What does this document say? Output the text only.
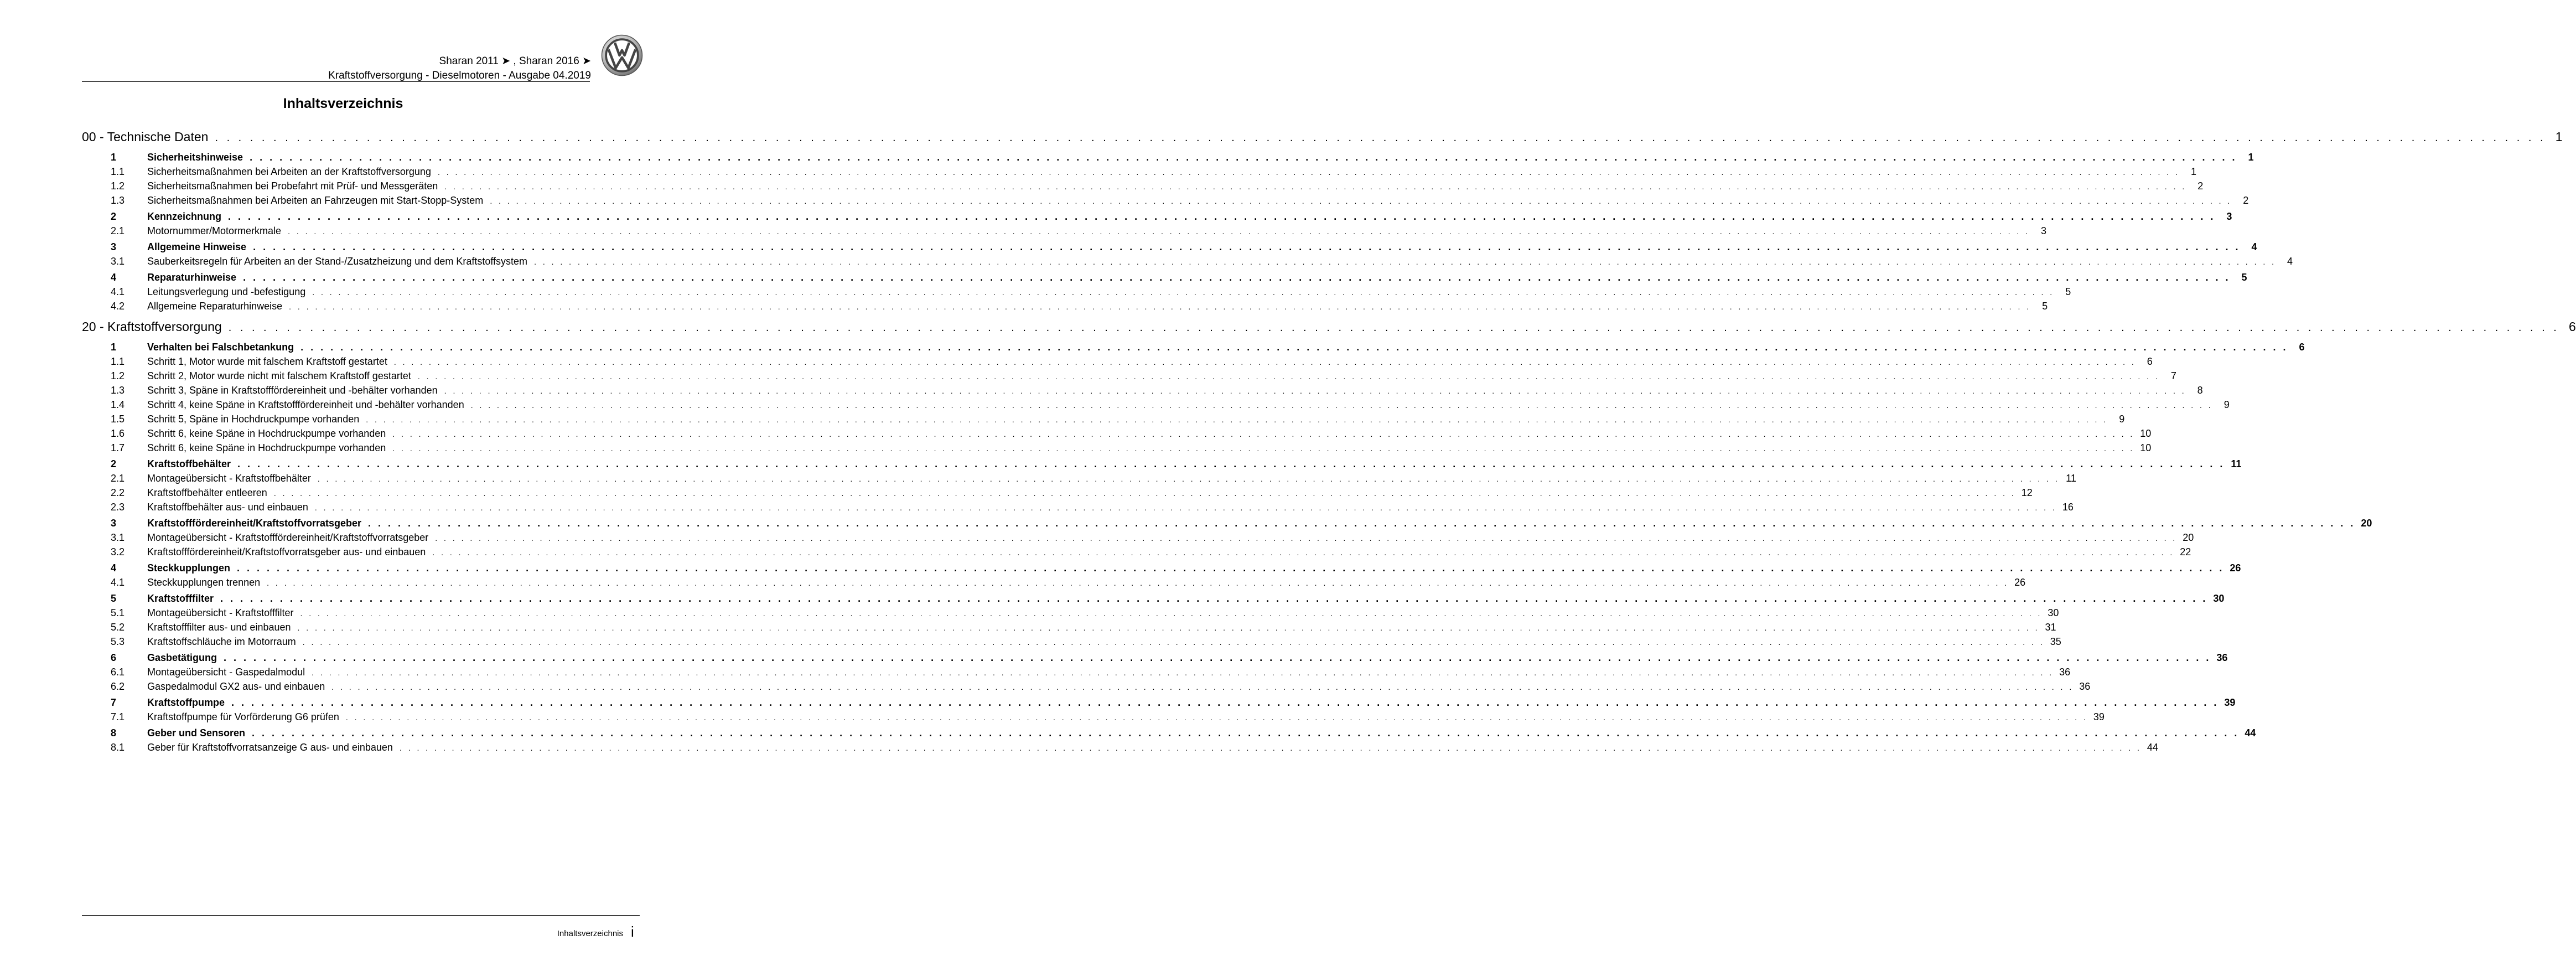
Sharan 2011 ➤ , Sharan 2016 ➤
Kraftstoffversorgung - Dieselmotoren - Ausgabe 04.2019
Inhaltsverzeichnis
00 - Technische Daten . . . . . . . . . . . . . . . . . . . . . . . . . . . . . . . . . . . . . . . . . . . . . . . . . . . . . . . . . . . . . . . . . . . . . . . . . . . . . . . . . . . . . . . . . . . . . . . . . . . . . . . . . . . . . . . . . . . . . . . . . . . . . . . . . . . . . . . . . . . . . . . . . . . . . . . . . . . . . . . . . . . . . . . . . . . . . . . . . . . . . . . . . . . . . . . . . . . . . . . . 1
1	Sicherheitshinweise . . . . . . . . . . . . . . . . . . . . . . . . . . . . . . . . . . . . . . . . . . . . . . . . . . . . . . . . . . . . . . . . . . . . . . . . . . . . . . . . . . . . . . . . . . . . . . . . . . . . . . . . . . . . . . . . . . . . . . . . . . . . . . . . . . . . . . . . . . . . . . . . . . . . . . . . . . . . . . . . . . . . . . . . . . . . . . . . . . . . . . . . . . . . . . . . . . . . . . . .	1
1.1	Sicherheitsmaßnahmen bei Arbeiten an der Kraftstoffversorgung . . . . . . . . . . . . . . . . . . . . . . . . . . . . . . . . . . . . . . . . . . . . . . . . . . . . . . . . . . . . . . . . . . . . . . . . . . . . . . . . . . . . . . . . . . . . . . . . . . . . . . . . . . . . . . . . . . . . . . . . . . . . . . . . . . . . . . . . . . . . . . . . . . . . . . . . . . . . . . . . . . . . . . . . . . . . . . . . . . . . . . . . . . . . . . . . . . . . . . . .	1
1.2	Sicherheitsmaßnahmen bei Probefahrt mit Prüf- und Messgeräten . . . . . . . . . . . . . . . . . . . . . . . . . . . . . . . . . . . . . . . . . . . . . . . . . . . . . . . . . . . . . . . . . . . . . . . . . . . . . . . . . . . . . . . . . . . . . . . . . . . . . . . . . . . . . . . . . . . . . . . . . . . . . . . . . . . . . . . . . . . . . . . . . . . . . . . . . . . . . . . . . . . . . . . . . . . . . . . . . . . . . . . . . . . . . . . . . . . . . . . .	2
1.3	Sicherheitsmaßnahmen bei Arbeiten an Fahrzeugen mit Start-Stopp-System . . . . . . . . . . . . . . . . . . . . . . . . . . . . . . . . . . . . . . . . . . . . . . . . . . . . . . . . . . . . . . . . . . . . . . . . . . . . . . . . . . . . . . . . . . . . . . . . . . . . . . . . . . . . . . . . . . . . . . . . . . . . . . . . . . . . . . . . . . . . . . . . . . . . . . . . . . . . . . . . . . . . . . . . . . . . . . . . . . . . . . . . . . . . . . . . . . . . . . . .	2
2	Kennzeichnung . . . . . . . . . . . . . . . . . . . . . . . . . . . . . . . . . . . . . . . . . . . . . . . . . . . . . . . . . . . . . . . . . . . . . . . . . . . . . . . . . . . . . . . . . . . . . . . . . . . . . . . . . . . . . . . . . . . . . . . . . . . . . . . . . . . . . . . . . . . . . . . . . . . . . . . . . . . . . . . . . . . . . . . . . . . . . . . . . . . . . . . . . . . . . . . . . . . . . . . .	3
2.1	Motornummer/Motormerkmale . . . . . . . . . . . . . . . . . . . . . . . . . . . . . . . . . . . . . . . . . . . . . . . . . . . . . . . . . . . . . . . . . . . . . . . . . . . . . . . . . . . . . . . . . . . . . . . . . . . . . . . . . . . . . . . . . . . . . . . . . . . . . . . . . . . . . . . . . . . . . . . . . . . . . . . . . . . . . . . . . . . . . . . . . . . . . . . . . . . . . . . . . . . . . . . . . . . . . . . .	3
3	Allgemeine Hinweise . . . . . . . . . . . . . . . . . . . . . . . . . . . . . . . . . . . . . . . . . . . . . . . . . . . . . . . . . . . . . . . . . . . . . . . . . . . . . . . . . . . . . . . . . . . . . . . . . . . . . . . . . . . . . . . . . . . . . . . . . . . . . . . . . . . . . . . . . . . . . . . . . . . . . . . . . . . . . . . . . . . . . . . . . . . . . . . . . . . . . . . . . . . . . . . . . . . . . . . .	4
3.1	Sauberkeitsregeln für Arbeiten an der Stand-/Zusatzheizung und dem Kraftstoffsystem . . . . . . . . . . . . . . . . . . . . . . . . . . . . . . . . . . . . . . . . . . . . . . . . . . . . . . . . . . . . . . . . . . . . . . . . . . . . . . . . . . . . . . . . . . . . . . . . . . . . . . . . . . . . . . . . . . . . . . . . . . . . . . . . . . . . . . . . . . . . . . . . . . . . . . . . . . . . . . . . . . . . . . . . . . . . . . . . . . . . . . . . . . . . . . . . . . . . . . . .	4
4	Reparaturhinweise . . . . . . . . . . . . . . . . . . . . . . . . . . . . . . . . . . . . . . . . . . . . . . . . . . . . . . . . . . . . . . . . . . . . . . . . . . . . . . . . . . . . . . . . . . . . . . . . . . . . . . . . . . . . . . . . . . . . . . . . . . . . . . . . . . . . . . . . . . . . . . . . . . . . . . . . . . . . . . . . . . . . . . . . . . . . . . . . . . . . . . . . . . . . . . . . . . . . . . . .	5
4.1	Leitungsverlegung und -befestigung . . . . . . . . . . . . . . . . . . . . . . . . . . . . . . . . . . . . . . . . . . . . . . . . . . . . . . . . . . . . . . . . . . . . . . . . . . . . . . . . . . . . . . . . . . . . . . . . . . . . . . . . . . . . . . . . . . . . . . . . . . . . . . . . . . . . . . . . . . . . . . . . . . . . . . . . . . . . . . . . . . . . . . . . . . . . . . . . . . . . . . . . . . . . . . . . . . . . . . . .	5
4.2	Allgemeine Reparaturhinweise . . . . . . . . . . . . . . . . . . . . . . . . . . . . . . . . . . . . . . . . . . . . . . . . . . . . . . . . . . . . . . . . . . . . . . . . . . . . . . . . . . . . . . . . . . . . . . . . . . . . . . . . . . . . . . . . . . . . . . . . . . . . . . . . . . . . . . . . . . . . . . . . . . . . . . . . . . . . . . . . . . . . . . . . . . . . . . . . . . . . . . . . . . . . . . . . . . . . . . . .	5
20 - Kraftstoffversorgung . . . . . . . . . . . . . . . . . . . . . . . . . . . . . . . . . . . . . . . . . . . . . . . . . . . . . . . . . . . . . . . . . . . . . . . . . . . . . . . . . . . . . . . . . . . . . . . . . . . . . . . . . . . . . . . . . . . . . . . . . . . . . . . . . . . . . . . . . . . . . . . . . . . . . . . . . . . . . . . . . . . . . . . . . . . . . . . . . . . . . . . . . . . . . . . . . . . . . . . . 6
1	Verhalten bei Falschbetankung . . . . . . . . . . . . . . . . . . . . . . . . . . . . . . . . . . . . . . . . . . . . . . . . . . . . . . . . . . . . . . . . . . . . . . . . . . . . . . . . . . . . . . . . . . . . . . . . . . . . . . . . . . . . . . . . . . . . . . . . . . . . . . . . . . . . . . . . . . . . . . . . . . . . . . . . . . . . . . . . . . . . . . . . . . . . . . . . . . . . . . . . . . . . . . . . . . . . . . . .	6
1.1	Schritt 1, Motor wurde mit falschem Kraftstoff gestartet . . . . . . . . . . . . . . . . . . . . . . . . . . . . . . . . . . . . . . . . . . . . . . . . . . . . . . . . . . . . . . . . . . . . . . . . . . . . . . . . . . . . . . . . . . . . . . . . . . . . . . . . . . . . . . . . . . . . . . . . . . . . . . . . . . . . . . . . . . . . . . . . . . . . . . . . . . . . . . . . . . . . . . . . . . . . . . . . . . . . . . . . . . . . . . . . . . . . . . . .	6
1.2	Schritt 2, Motor wurde nicht mit falschem Kraftstoff gestartet . . . . . . . . . . . . . . . . . . . . . . . . . . . . . . . . . . . . . . . . . . . . . . . . . . . . . . . . . . . . . . . . . . . . . . . . . . . . . . . . . . . . . . . . . . . . . . . . . . . . . . . . . . . . . . . . . . . . . . . . . . . . . . . . . . . . . . . . . . . . . . . . . . . . . . . . . . . . . . . . . . . . . . . . . . . . . . . . . . . . . . . . . . . . . . . . . . . . . . . .	7
1.3	Schritt 3, Späne in Kraftstofffördereinheit und -behälter vorhanden . . . . . . . . . . . . . . . . . . . . . . . . . . . . . . . . . . . . . . . . . . . . . . . . . . . . . . . . . . . . . . . . . . . . . . . . . . . . . . . . . . . . . . . . . . . . . . . . . . . . . . . . . . . . . . . . . . . . . . . . . . . . . . . . . . . . . . . . . . . . . . . . . . . . . . . . . . . . . . . . . . . . . . . . . . . . . . . . . . . . . . . . . . . . . . . . . . . . . . . .	8
1.4	Schritt 4, keine Späne in Kraftstofffördereinheit und -behälter vorhanden . . . . . . . . . . . . . . . . . . . . . . . . . . . . . . . . . . . . . . . . . . . . . . . . . . . . . . . . . . . . . . . . . . . . . . . . . . . . . . . . . . . . . . . . . . . . . . . . . . . . . . . . . . . . . . . . . . . . . . . . . . . . . . . . . . . . . . . . . . . . . . . . . . . . . . . . . . . . . . . . . . . . . . . . . . . . . . . . . . . . . . . . . . . . . . . . . . . . . . . .	9
1.5	Schritt 5, Späne in Hochdruckpumpe vorhanden . . . . . . . . . . . . . . . . . . . . . . . . . . . . . . . . . . . . . . . . . . . . . . . . . . . . . . . . . . . . . . . . . . . . . . . . . . . . . . . . . . . . . . . . . . . . . . . . . . . . . . . . . . . . . . . . . . . . . . . . . . . . . . . . . . . . . . . . . . . . . . . . . . . . . . . . . . . . . . . . . . . . . . . . . . . . . . . . . . . . . . . . . . . . . . . . . . . . . . . .	9
1.6	Schritt 6, keine Späne in Hochdruckpumpe vorhanden . . . . . . . . . . . . . . . . . . . . . . . . . . . . . . . . . . . . . . . . . . . . . . . . . . . . . . . . . . . . . . . . . . . . . . . . . . . . . . . . . . . . . . . . . . . . . . . . . . . . . . . . . . . . . . . . . . . . . . . . . . . . . . . . . . . . . . . . . . . . . . . . . . . . . . . . . . . . . . . . . . . . . . . . . . . . . . . . . . . . . . . . . . . . . . . . . . . . . . . . 10
1.7	Schritt 6, keine Späne in Hochdruckpumpe vorhanden . . . . . . . . . . . . . . . . . . . . . . . . . . . . . . . . . . . . . . . . . . . . . . . . . . . . . . . . . . . . . . . . . . . . . . . . . . . . . . . . . . . . . . . . . . . . . . . . . . . . . . . . . . . . . . . . . . . . . . . . . . . . . . . . . . . . . . . . . . . . . . . . . . . . . . . . . . . . . . . . . . . . . . . . . . . . . . . . . . . . . . . . . . . . . . . . . . . . . . . . 10
2	Kraftstoffbehälter . . . . . . . . . . . . . . . . . . . . . . . . . . . . . . . . . . . . . . . . . . . . . . . . . . . . . . . . . . . . . . . . . . . . . . . . . . . . . . . . . . . . . . . . . . . . . . . . . . . . . . . . . . . . . . . . . . . . . . . . . . . . . . . . . . . . . . . . . . . . . . . . . . . . . . . . . . . . . . . . . . . . . . . . . . . . . . . . . . . . . . . . . . . . . . . . . . . . . . . . 11
2.1	Montageübersicht - Kraftstoffbehälter . . . . . . . . . . . . . . . . . . . . . . . . . . . . . . . . . . . . . . . . . . . . . . . . . . . . . . . . . . . . . . . . . . . . . . . . . . . . . . . . . . . . . . . . . . . . . . . . . . . . . . . . . . . . . . . . . . . . . . . . . . . . . . . . . . . . . . . . . . . . . . . . . . . . . . . . . . . . . . . . . . . . . . . . . . . . . . . . . . . . . . . . . . . . . . . . . . . . . . . . 11
2.2	Kraftstoffbehälter entleeren . . . . . . . . . . . . . . . . . . . . . . . . . . . . . . . . . . . . . . . . . . . . . . . . . . . . . . . . . . . . . . . . . . . . . . . . . . . . . . . . . . . . . . . . . . . . . . . . . . . . . . . . . . . . . . . . . . . . . . . . . . . . . . . . . . . . . . . . . . . . . . . . . . . . . . . . . . . . . . . . . . . . . . . . . . . . . . . . . . . . . . . . . . . . . . . . . . . . . . . . 12
2.3	Kraftstoffbehälter aus- und einbauen . . . . . . . . . . . . . . . . . . . . . . . . . . . . . . . . . . . . . . . . . . . . . . . . . . . . . . . . . . . . . . . . . . . . . . . . . . . . . . . . . . . . . . . . . . . . . . . . . . . . . . . . . . . . . . . . . . . . . . . . . . . . . . . . . . . . . . . . . . . . . . . . . . . . . . . . . . . . . . . . . . . . . . . . . . . . . . . . . . . . . . . . . . . . . . . . . . . . . . . . 16
3	Kraftstofffördereinheit/Kraftstoffvorratsgeber . . . . . . . . . . . . . . . . . . . . . . . . . . . . . . . . . . . . . . . . . . . . . . . . . . . . . . . . . . . . . . . . . . . . . . . . . . . . . . . . . . . . . . . . . . . . . . . . . . . . . . . . . . . . . . . . . . . . . . . . . . . . . . . . . . . . . . . . . . . . . . . . . . . . . . . . . . . . . . . . . . . . . . . . . . . . . . . . . . . . . . . . . . . . . . . . . . . . . . . . 20
3.1	Montageübersicht - Kraftstofffördereinheit/Kraftstoffvorratsgeber . . . . . . . . . . . . . . . . . . . . . . . . . . . . . . . . . . . . . . . . . . . . . . . . . . . . . . . . . . . . . . . . . . . . . . . . . . . . . . . . . . . . . . . . . . . . . . . . . . . . . . . . . . . . . . . . . . . . . . . . . . . . . . . . . . . . . . . . . . . . . . . . . . . . . . . . . . . . . . . . . . . . . . . . . . . . . . . . . . . . . . . . . . . . . . . . . . . . . . . . 20
3.2	Kraftstofffördereinheit/Kraftstoffvorratsgeber aus- und einbauen . . . . . . . . . . . . . . . . . . . . . . . . . . . . . . . . . . . . . . . . . . . . . . . . . . . . . . . . . . . . . . . . . . . . . . . . . . . . . . . . . . . . . . . . . . . . . . . . . . . . . . . . . . . . . . . . . . . . . . . . . . . . . . . . . . . . . . . . . . . . . . . . . . . . . . . . . . . . . . . . . . . . . . . . . . . . . . . . . . . . . . . . . . . . . . . . . . . . . . . . 22
4	Steckkupplungen . . . . . . . . . . . . . . . . . . . . . . . . . . . . . . . . . . . . . . . . . . . . . . . . . . . . . . . . . . . . . . . . . . . . . . . . . . . . . . . . . . . . . . . . . . . . . . . . . . . . . . . . . . . . . . . . . . . . . . . . . . . . . . . . . . . . . . . . . . . . . . . . . . . . . . . . . . . . . . . . . . . . . . . . . . . . . . . . . . . . . . . . . . . . . . . . . . . . . . . . 26
4.1	Steckkupplungen trennen . . . . . . . . . . . . . . . . . . . . . . . . . . . . . . . . . . . . . . . . . . . . . . . . . . . . . . . . . . . . . . . . . . . . . . . . . . . . . . . . . . . . . . . . . . . . . . . . . . . . . . . . . . . . . . . . . . . . . . . . . . . . . . . . . . . . . . . . . . . . . . . . . . . . . . . . . . . . . . . . . . . . . . . . . . . . . . . . . . . . . . . . . . . . . . . . . . . . . . . . 26
5	Kraftstofffilter . . . . . . . . . . . . . . . . . . . . . . . . . . . . . . . . . . . . . . . . . . . . . . . . . . . . . . . . . . . . . . . . . . . . . . . . . . . . . . . . . . . . . . . . . . . . . . . . . . . . . . . . . . . . . . . . . . . . . . . . . . . . . . . . . . . . . . . . . . . . . . . . . . . . . . . . . . . . . . . . . . . . . . . . . . . . . . . . . . . . . . . . . . . . . . . . . . . . . . . . 30
5.1	Montageübersicht - Kraftstofffilter . . . . . . . . . . . . . . . . . . . . . . . . . . . . . . . . . . . . . . . . . . . . . . . . . . . . . . . . . . . . . . . . . . . . . . . . . . . . . . . . . . . . . . . . . . . . . . . . . . . . . . . . . . . . . . . . . . . . . . . . . . . . . . . . . . . . . . . . . . . . . . . . . . . . . . . . . . . . . . . . . . . . . . . . . . . . . . . . . . . . . . . . . . . . . . . . . . . . . . . . 30
5.2	Kraftstofffilter aus- und einbauen . . . . . . . . . . . . . . . . . . . . . . . . . . . . . . . . . . . . . . . . . . . . . . . . . . . . . . . . . . . . . . . . . . . . . . . . . . . . . . . . . . . . . . . . . . . . . . . . . . . . . . . . . . . . . . . . . . . . . . . . . . . . . . . . . . . . . . . . . . . . . . . . . . . . . . . . . . . . . . . . . . . . . . . . . . . . . . . . . . . . . . . . . . . . . . . . . . . . . . . . 31
5.3	Kraftstoffschläuche im Motorraum . . . . . . . . . . . . . . . . . . . . . . . . . . . . . . . . . . . . . . . . . . . . . . . . . . . . . . . . . . . . . . . . . . . . . . . . . . . . . . . . . . . . . . . . . . . . . . . . . . . . . . . . . . . . . . . . . . . . . . . . . . . . . . . . . . . . . . . . . . . . . . . . . . . . . . . . . . . . . . . . . . . . . . . . . . . . . . . . . . . . . . . . . . . . . . . . . . . . . . . . 35
6	Gasbetätigung . . . . . . . . . . . . . . . . . . . . . . . . . . . . . . . . . . . . . . . . . . . . . . . . . . . . . . . . . . . . . . . . . . . . . . . . . . . . . . . . . . . . . . . . . . . . . . . . . . . . . . . . . . . . . . . . . . . . . . . . . . . . . . . . . . . . . . . . . . . . . . . . . . . . . . . . . . . . . . . . . . . . . . . . . . . . . . . . . . . . . . . . . . . . . . . . . . . . . . . . 36
6.1	Montageübersicht - Gaspedalmodul . . . . . . . . . . . . . . . . . . . . . . . . . . . . . . . . . . . . . . . . . . . . . . . . . . . . . . . . . . . . . . . . . . . . . . . . . . . . . . . . . . . . . . . . . . . . . . . . . . . . . . . . . . . . . . . . . . . . . . . . . . . . . . . . . . . . . . . . . . . . . . . . . . . . . . . . . . . . . . . . . . . . . . . . . . . . . . . . . . . . . . . . . . . . . . . . . . . . . . . . 36
6.2	Gaspedalmodul GX2 aus- und einbauen . . . . . . . . . . . . . . . . . . . . . . . . . . . . . . . . . . . . . . . . . . . . . . . . . . . . . . . . . . . . . . . . . . . . . . . . . . . . . . . . . . . . . . . . . . . . . . . . . . . . . . . . . . . . . . . . . . . . . . . . . . . . . . . . . . . . . . . . . . . . . . . . . . . . . . . . . . . . . . . . . . . . . . . . . . . . . . . . . . . . . . . . . . . . . . . . . . . . . . . . 36
7	Kraftstoffpumpe . . . . . . . . . . . . . . . . . . . . . . . . . . . . . . . . . . . . . . . . . . . . . . . . . . . . . . . . . . . . . . . . . . . . . . . . . . . . . . . . . . . . . . . . . . . . . . . . . . . . . . . . . . . . . . . . . . . . . . . . . . . . . . . . . . . . . . . . . . . . . . . . . . . . . . . . . . . . . . . . . . . . . . . . . . . . . . . . . . . . . . . . . . . . . . . . . . . . . . . . 39
7.1	Kraftstoffpumpe für Vorförderung G6 prüfen . . . . . . . . . . . . . . . . . . . . . . . . . . . . . . . . . . . . . . . . . . . . . . . . . . . . . . . . . . . . . . . . . . . . . . . . . . . . . . . . . . . . . . . . . . . . . . . . . . . . . . . . . . . . . . . . . . . . . . . . . . . . . . . . . . . . . . . . . . . . . . . . . . . . . . . . . . . . . . . . . . . . . . . . . . . . . . . . . . . . . . . . . . . . . . . . . . . . . . . . 39
8	Geber und Sensoren . . . . . . . . . . . . . . . . . . . . . . . . . . . . . . . . . . . . . . . . . . . . . . . . . . . . . . . . . . . . . . . . . . . . . . . . . . . . . . . . . . . . . . . . . . . . . . . . . . . . . . . . . . . . . . . . . . . . . . . . . . . . . . . . . . . . . . . . . . . . . . . . . . . . . . . . . . . . . . . . . . . . . . . . . . . . . . . . . . . . . . . . . . . . . . . . . . . . . . . . 44
8.1	Geber für Kraftstoffvorratsanzeige G aus- und einbauen . . . . . . . . . . . . . . . . . . . . . . . . . . . . . . . . . . . . . . . . . . . . . . . . . . . . . . . . . . . . . . . . . . . . . . . . . . . . . . . . . . . . . . . . . . . . . . . . . . . . . . . . . . . . . . . . . . . . . . . . . . . . . . . . . . . . . . . . . . . . . . . . . . . . . . . . . . . . . . . . . . . . . . . . . . . . . . . . . . . . . . . . . . . . . . . . . . . . . . . . 44
Inhaltsverzeichnis i
